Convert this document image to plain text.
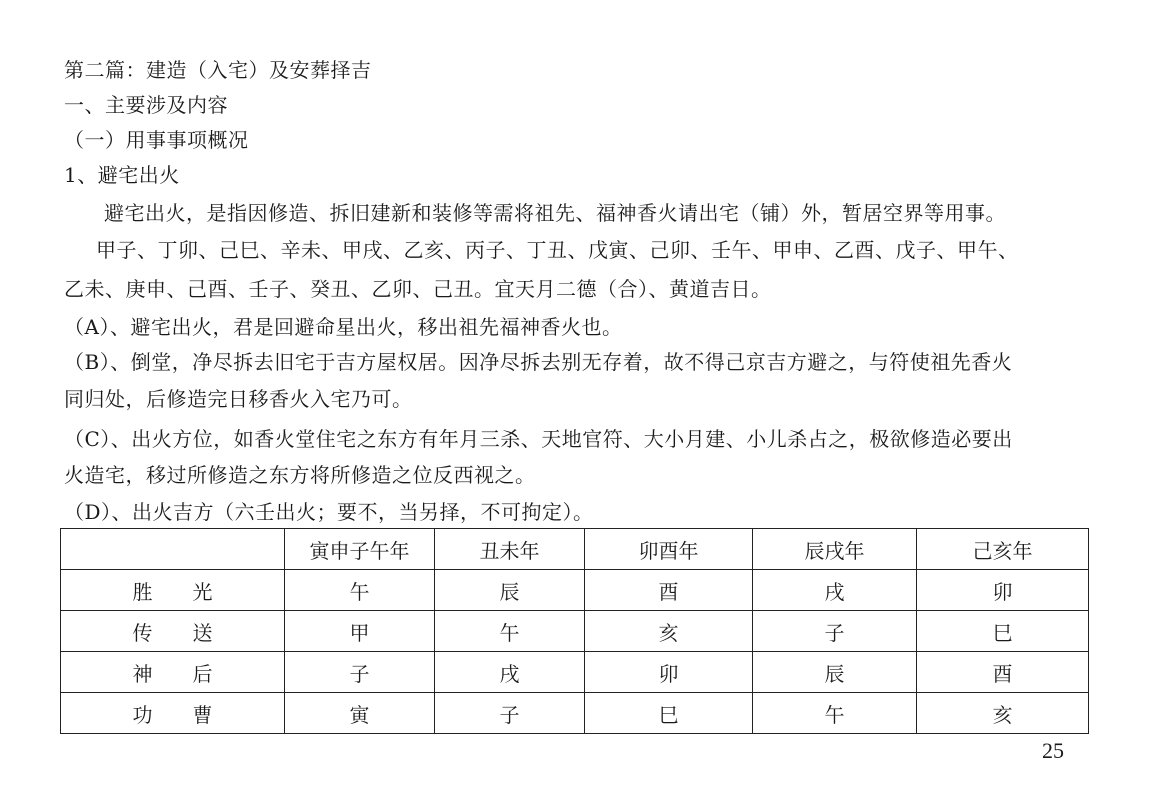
第二篇：建造（入宅）及安葬择吉
一、主要涉及内容
（一）用事事项概况
1、避宅出火
避宅出火，是指因修造、拆旧建新和装修等需将祖先、福神香火请出宅（铺）外，暂居空界等用事。
甲子、丁卯、己巳、辛未、甲戌、乙亥、丙子、丁丑、戊寅、己卯、壬午、甲申、乙酉、戊子、甲午、
乙未、庚申、己酉、壬子、癸丑、乙卯、己丑。宜天月二德（合）、黄道吉日。
（A）、避宅出火，君是回避命星出火，移出祖先福神香火也。
（B）、倒堂，净尽拆去旧宅于吉方屋权居。因净尽拆去别无存着，故不得己京吉方避之，与符使祖先香火
同归处，后修造完日移香火入宅乃可。
（C）、出火方位，如香火堂住宅之东方有年月三杀、天地官符、大小月建、小儿杀占之，极欲修造必要出
火造宅，移过所修造之东方将所修造之位反西视之。
（D）、出火吉方（六壬出火；要不，当另择，不可拘定）。
	寅申子午年	丑未年	卯酉年	辰戌年	己亥年
胜光	午	辰	酉	戌	卯
传送	甲	午	亥	子	巳
神后	子	戌	卯	辰	酉
功曹	寅	子	巳	午	亥
25
